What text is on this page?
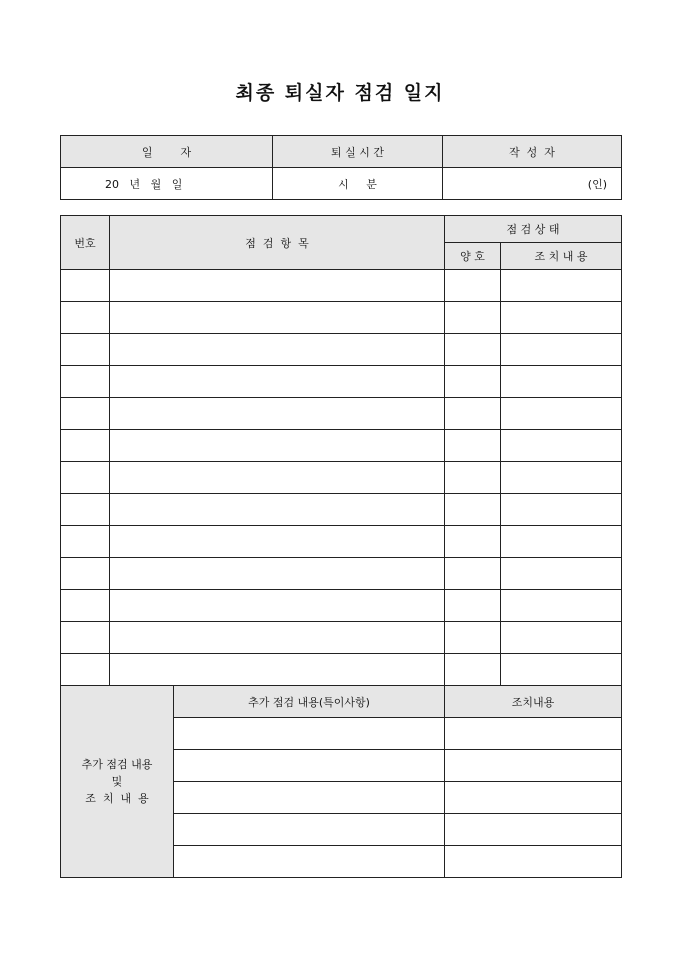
최종 퇴실자 점검 일지
일        자	퇴 실 시 간	작  성  자
20   년   월   일	시     분	(인)
번호	점  검  항  목		점 검 상 태	
			양 호	조 치 내 용

추가 점검 내용
및
조  치  내  용		추가 점검 내용(특이사항)	조치내용	
